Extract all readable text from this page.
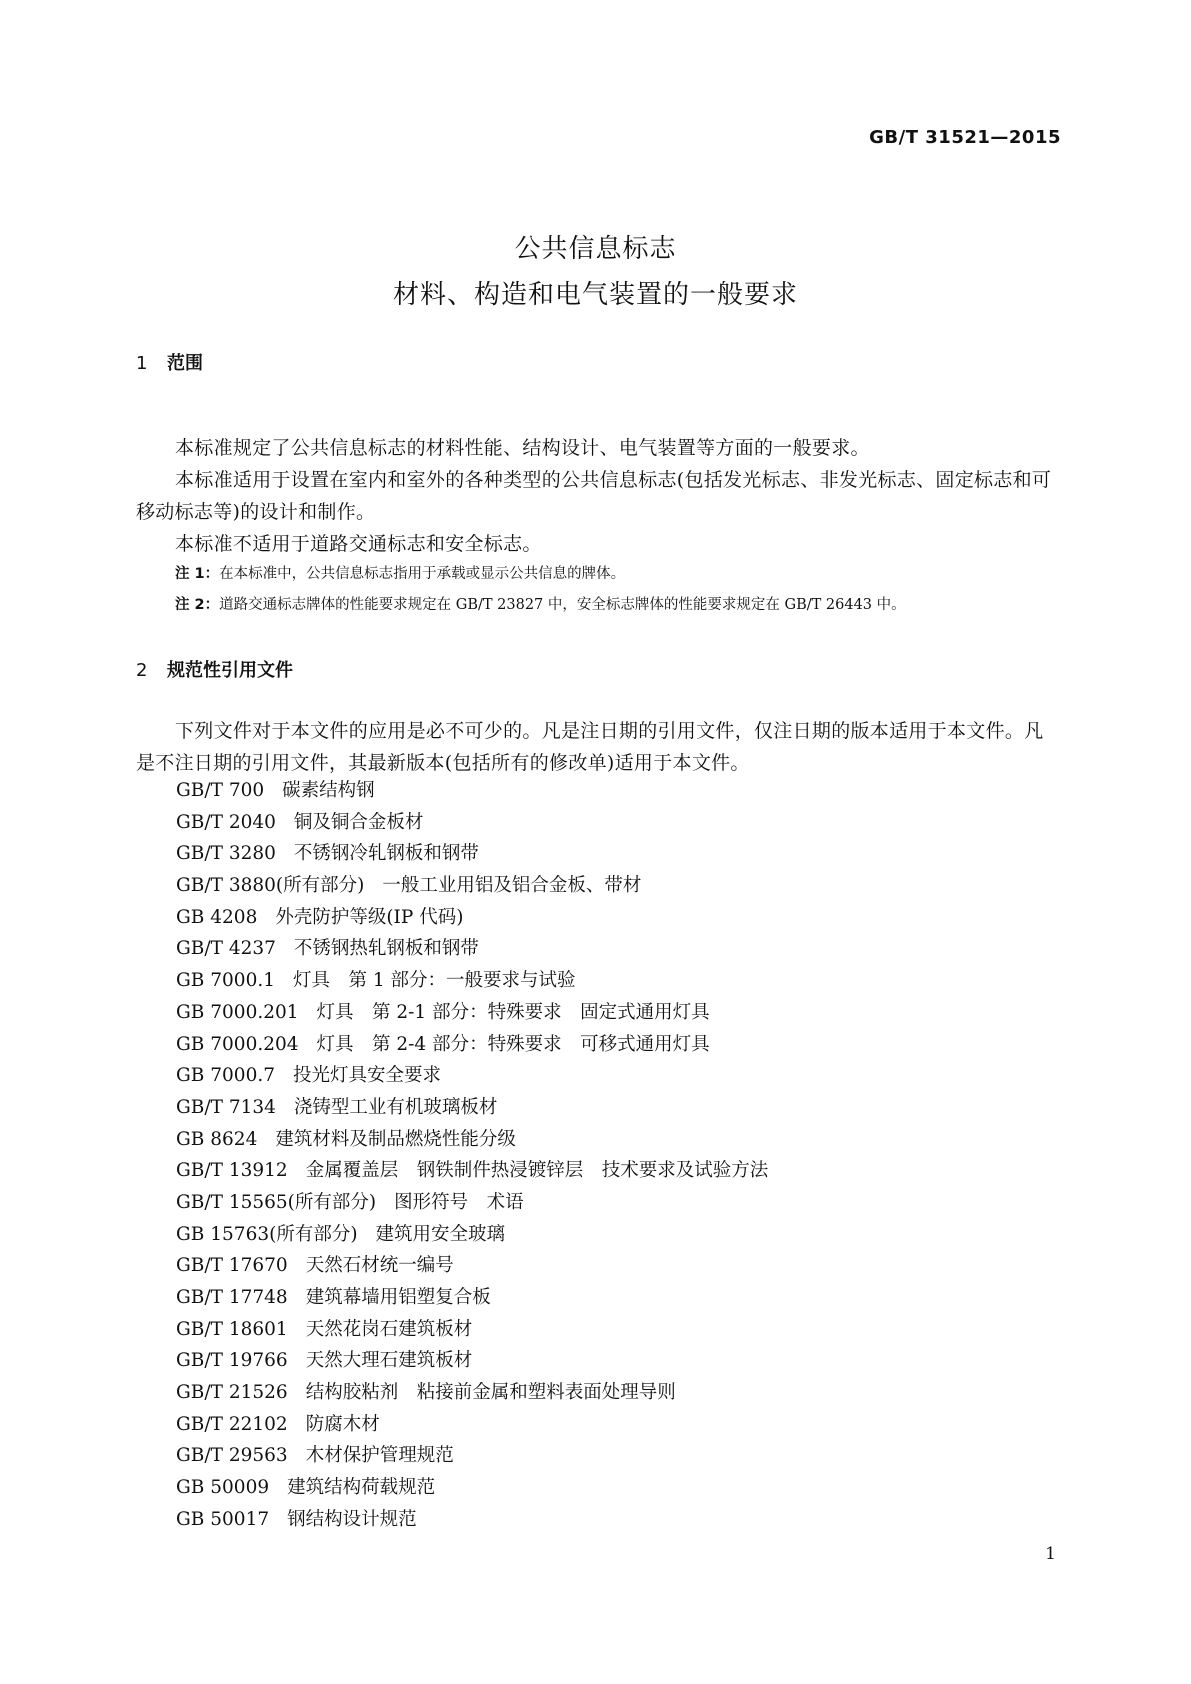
GB/T 31521—2015
公共信息标志
材料、构造和电气装置的一般要求
1 范围
本标准规定了公共信息标志的材料性能、结构设计、电气装置等方面的一般要求。
本标准适用于设置在室内和室外的各种类型的公共信息标志(包括发光标志、非发光标志、固定标志和可移动标志等)的设计和制作。
本标准不适用于道路交通标志和安全标志。
注 1：在本标准中，公共信息标志指用于承载或显示公共信息的牌体。
注 2：道路交通标志牌体的性能要求规定在 GB/T 23827 中，安全标志牌体的性能要求规定在 GB/T 26443 中。
2 规范性引用文件
下列文件对于本文件的应用是必不可少的。凡是注日期的引用文件，仅注日期的版本适用于本文件。凡是不注日期的引用文件，其最新版本(包括所有的修改单)适用于本文件。
GB/T 700 碳素结构钢
GB/T 2040 铜及铜合金板材
GB/T 3280 不锈钢冷轧钢板和钢带
GB/T 3880(所有部分) 一般工业用铝及铝合金板、带材
GB 4208 外壳防护等级(IP 代码)
GB/T 4237 不锈钢热轧钢板和钢带
GB 7000.1 灯具　第 1 部分：一般要求与试验
GB 7000.201 灯具　第 2-1 部分：特殊要求　固定式通用灯具
GB 7000.204 灯具　第 2-4 部分：特殊要求　可移式通用灯具
GB 7000.7 投光灯具安全要求
GB/T 7134 浇铸型工业有机玻璃板材
GB 8624 建筑材料及制品燃烧性能分级
GB/T 13912 金属覆盖层　钢铁制件热浸镀锌层　技术要求及试验方法
GB/T 15565(所有部分) 图形符号　术语
GB 15763(所有部分) 建筑用安全玻璃
GB/T 17670 天然石材统一编号
GB/T 17748 建筑幕墙用铝塑复合板
GB/T 18601 天然花岗石建筑板材
GB/T 19766 天然大理石建筑板材
GB/T 21526 结构胶粘剂　粘接前金属和塑料表面处理导则
GB/T 22102 防腐木材
GB/T 29563 木材保护管理规范
GB 50009 建筑结构荷载规范
GB 50017 钢结构设计规范
1
